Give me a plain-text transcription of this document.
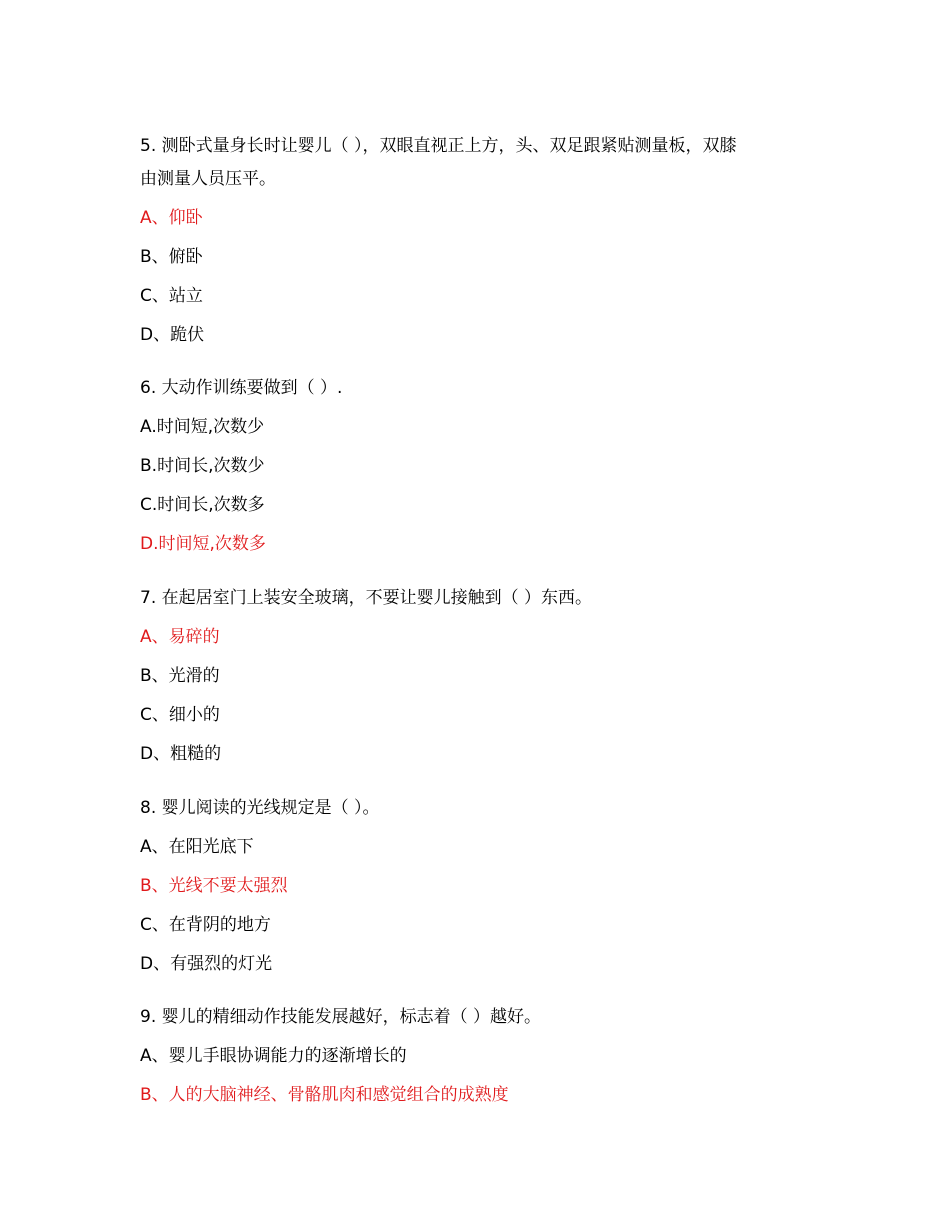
5. 测卧式量身长时让婴儿（ ），双眼直视正上方，头、双足跟紧贴测量板，双膝
由测量人员压平。
A、仰卧
B、俯卧
C、站立
D、跪伏
6. 大动作训练要做到（ ）.
A.时间短,次数少
B.时间长,次数少
C.时间长,次数多
D.时间短,次数多
7. 在起居室门上装安全玻璃，不要让婴儿接触到（ ）东西。
A、易碎的
B、光滑的
C、细小的
D、粗糙的
8. 婴儿阅读的光线规定是（ ）。
A、在阳光底下
B、光线不要太强烈
C、在背阴的地方
D、有强烈的灯光
9. 婴儿的精细动作技能发展越好，标志着（ ）越好。
A、婴儿手眼协调能力的逐渐增长的
B、人的大脑神经、骨骼肌肉和感觉组合的成熟度
